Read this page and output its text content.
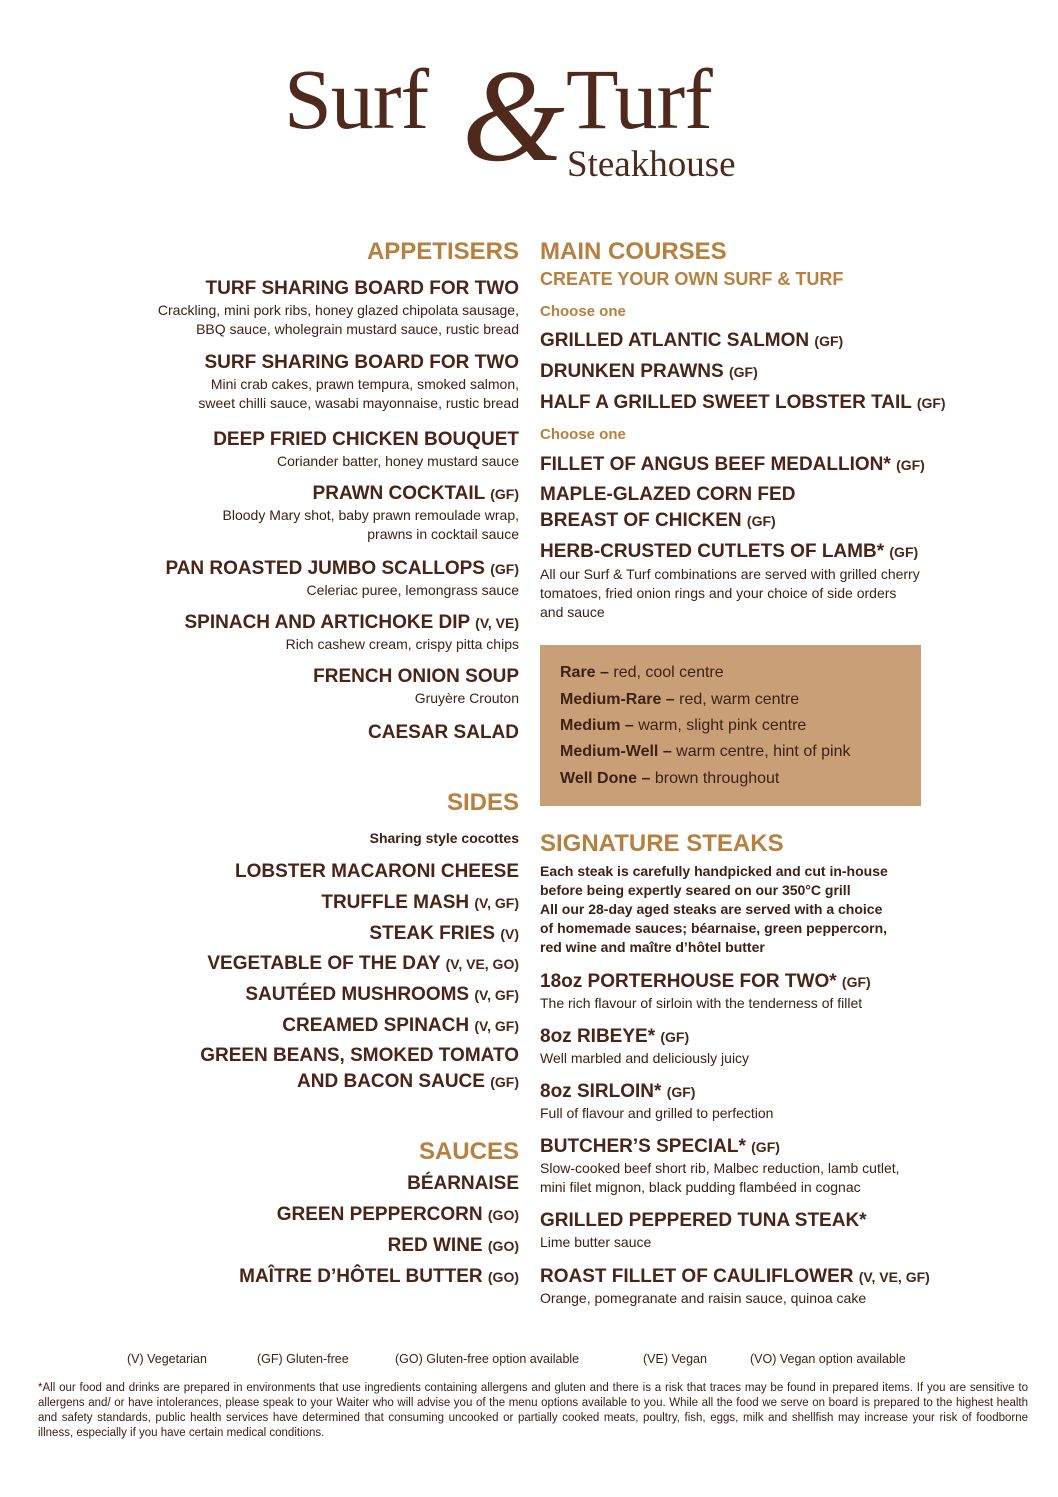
Surf & Turf
Steakhouse
APPETISERS
TURF SHARING BOARD FOR TWO
Crackling, mini pork ribs, honey glazed chipolata sausage,
BBQ sauce, wholegrain mustard sauce, rustic bread
SURF SHARING BOARD FOR TWO
Mini crab cakes, prawn tempura, smoked salmon,
sweet chilli sauce, wasabi mayonnaise, rustic bread
DEEP FRIED CHICKEN BOUQUET
Coriander batter, honey mustard sauce
PRAWN COCKTAIL (GF)
Bloody Mary shot, baby prawn remoulade wrap,
prawns in cocktail sauce
PAN ROASTED JUMBO SCALLOPS (GF)
Celeriac puree, lemongrass sauce
SPINACH AND ARTICHOKE DIP (V, VE)
Rich cashew cream, crispy pitta chips
FRENCH ONION SOUP
Gruyère Crouton
CAESAR SALAD
SIDES
Sharing style cocottes
LOBSTER MACARONI CHEESE
TRUFFLE MASH (V, GF)
STEAK FRIES (V)
VEGETABLE OF THE DAY (V, VE, GO)
SAUTÉED MUSHROOMS (V, GF)
CREAMED SPINACH (V, GF)
GREEN BEANS, SMOKED TOMATO
AND BACON SAUCE (GF)
SAUCES
BÉARNAISE
GREEN PEPPERCORN (GO)
RED WINE (GO)
MAÎTRE D’HÔTEL BUTTER (GO)
MAIN COURSES
CREATE YOUR OWN SURF & TURF
Choose one
GRILLED ATLANTIC SALMON (GF)
DRUNKEN PRAWNS (GF)
HALF A GRILLED SWEET LOBSTER TAIL (GF)
Choose one
FILLET OF ANGUS BEEF MEDALLION* (GF)
MAPLE-GLAZED CORN FED
BREAST OF CHICKEN (GF)
HERB-CRUSTED CUTLETS OF LAMB* (GF)
All our Surf & Turf combinations are served with grilled cherry
tomatoes, fried onion rings and your choice of side orders
and sauce
Rare – red, cool centre
Medium-Rare – red, warm centre
Medium – warm, slight pink centre
Medium-Well – warm centre, hint of pink
Well Done – brown throughout
SIGNATURE STEAKS
Each steak is carefully handpicked and cut in-house
before being expertly seared on our 350°C grill
All our 28-day aged steaks are served with a choice
of homemade sauces; béarnaise, green peppercorn,
red wine and maître d’hôtel butter
18oz PORTERHOUSE FOR TWO* (GF)
The rich flavour of sirloin with the tenderness of fillet
8oz RIBEYE* (GF)
Well marbled and deliciously juicy
8oz SIRLOIN* (GF)
Full of flavour and grilled to perfection
BUTCHER’S SPECIAL* (GF)
Slow-cooked beef short rib, Malbec reduction, lamb cutlet,
mini filet mignon, black pudding flambéed in cognac
GRILLED PEPPERED TUNA STEAK*
Lime butter sauce
ROAST FILLET OF CAULIFLOWER (V, VE, GF)
Orange, pomegranate and raisin sauce, quinoa cake
(V) Vegetarian	(GF) Gluten-free	(GO) Gluten-free option available	(VE) Vegan	(VO) Vegan option available
*All our food and drinks are prepared in environments that use ingredients containing allergens and gluten and there is a risk that traces may be found in prepared items. If you are sensitive to allergens and/ or have intolerances, please speak to your Waiter who will advise you of the menu options available to you. While all the food we serve on board is prepared to the highest health and safety standards, public health services have determined that consuming uncooked or partially cooked meats, poultry, fish, eggs, milk and shellfish may increase your risk of foodborne illness, especially if you have certain medical conditions.
